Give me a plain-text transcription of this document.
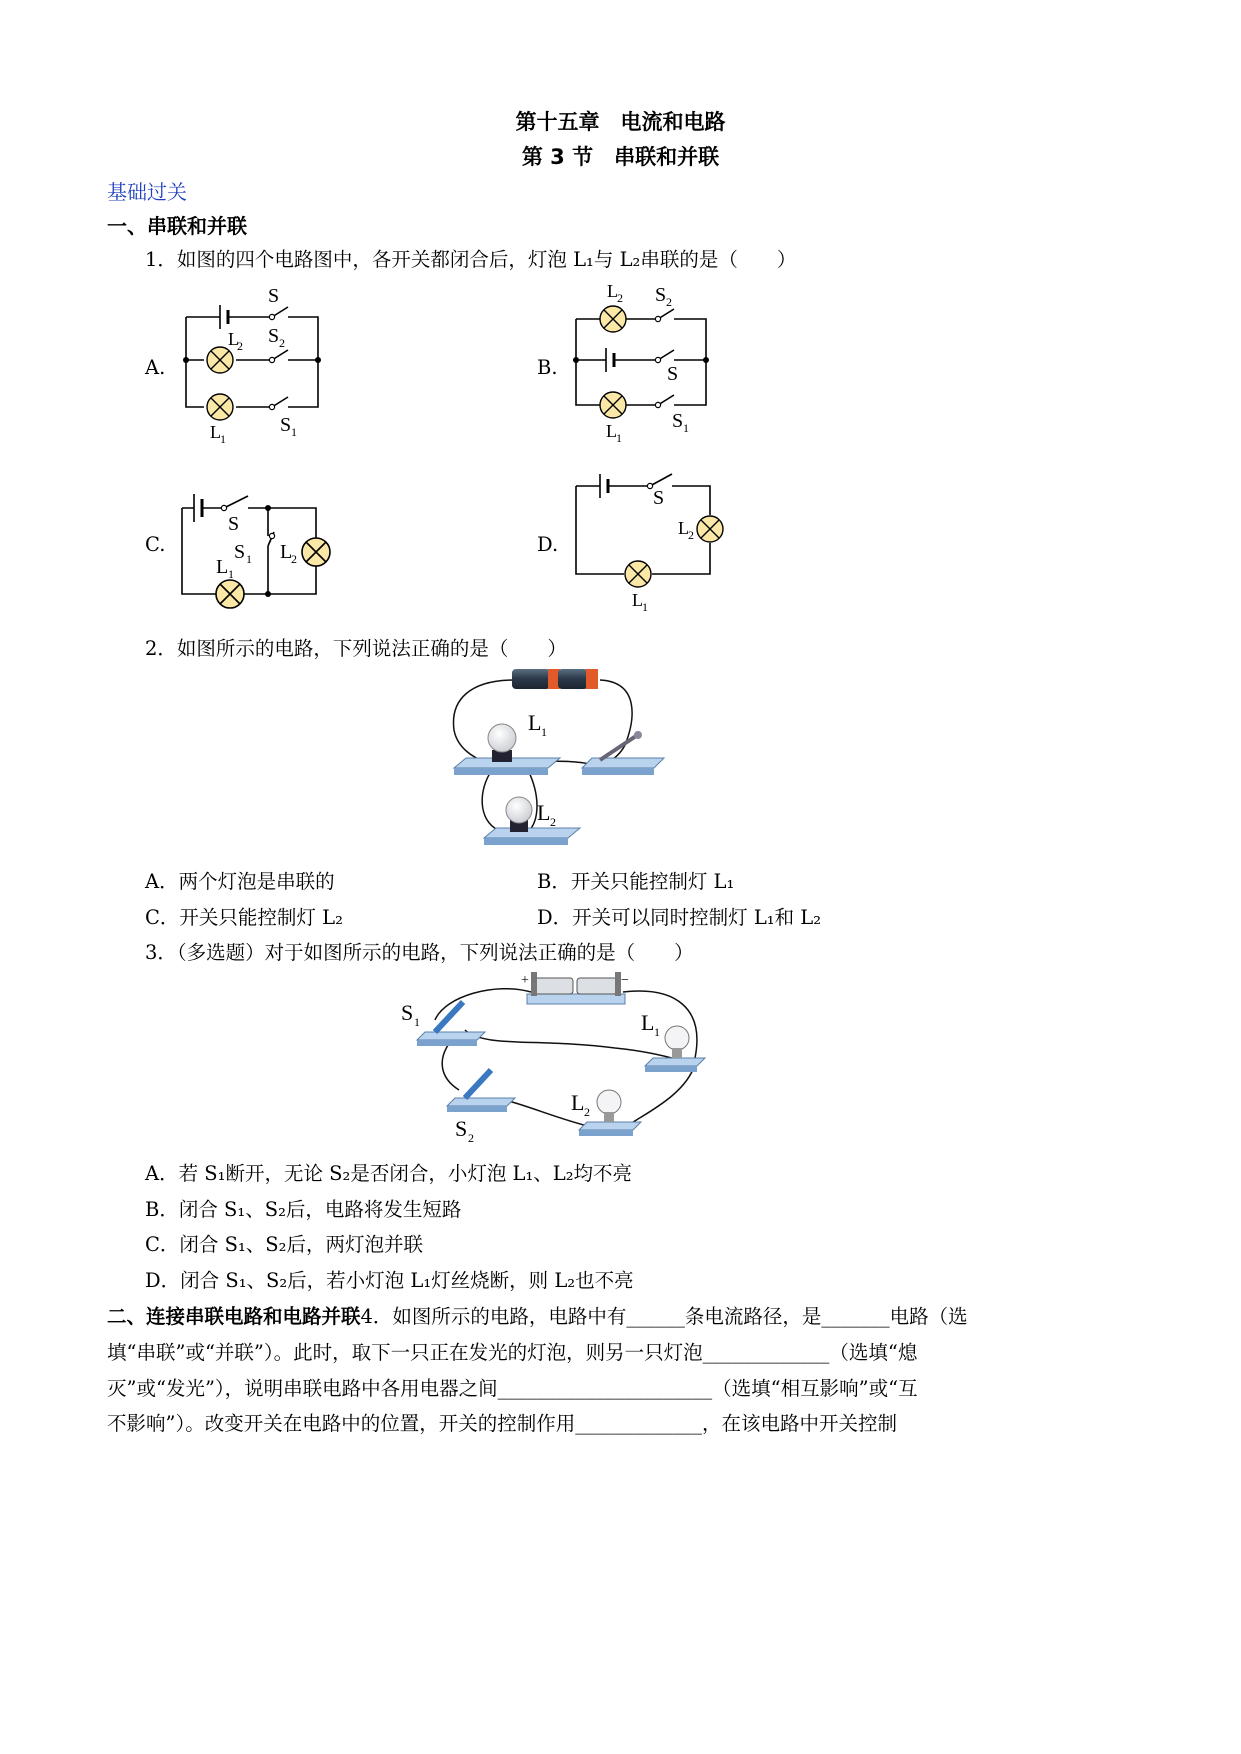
第十五章　电流和电路
第 3 节　串联和并联
基础过关
一、串联和并联
1．如图的四个电路图中，各开关都闭合后，灯泡 L₁与 L₂串联的是（　　）
A.	B.
C.	D.
S
S 2
L
2
L 1
S 1
L 2 S 2
S
L 1
S 1
S
S 1 L
2
L 1
S
L 2
L 1
2．如图所示的电路，下列说法正确的是（　　）
L 1
L 2
A．两个灯泡是串联的	B．开关只能控制灯 L₁
C．开关只能控制灯 L₂	D．开关可以同时控制灯 L₁和 L₂
3．（多选题）对于如图所示的电路，下列说法正确的是（　　）
+	−
S 1	L 1
L 2
S 2
A．若 S₁断开，无论 S₂是否闭合，小灯泡 L₁、L₂均不亮
B．闭合 S₁、S₂后，电路将发生短路
C．闭合 S₁、S₂后，两灯泡并联
D．闭合 S₁、S₂后，若小灯泡 L₁灯丝烧断，则 L₂也不亮
二、连接串联电路和电路并联4．如图所示的电路，电路中有______条电流路径，是_______电路（选
填“串联”或“并联”）。此时，取下一只正在发光的灯泡，则另一只灯泡_____________（选填“熄
灭”或“发光”），说明串联电路中各用电器之间______________________（选填“相互影响”或“互
不影响”）。改变开关在电路中的位置，开关的控制作用_____________，在该电路中开关控制
